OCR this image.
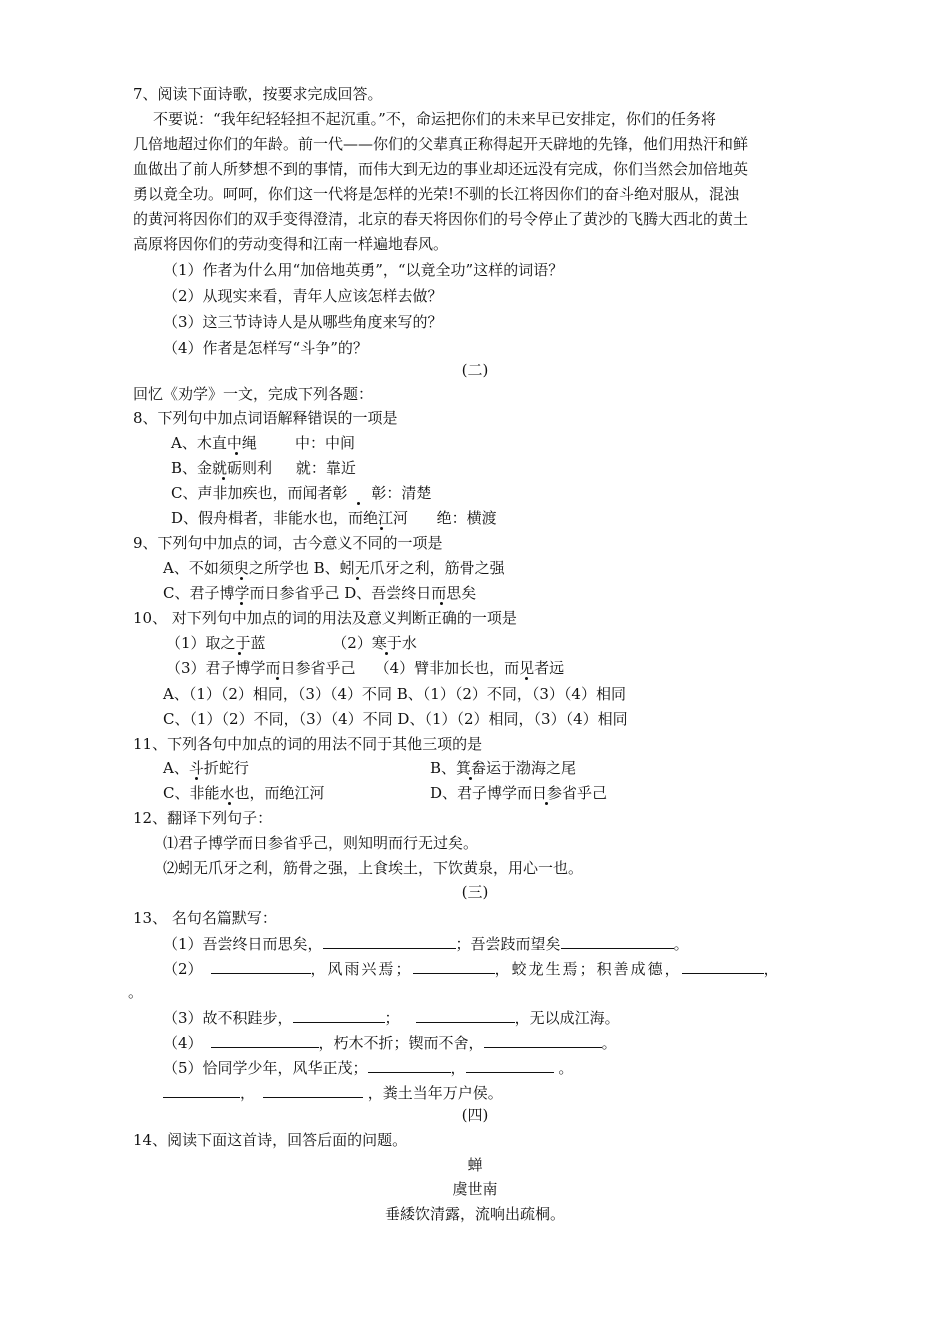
7、阅读下面诗歌，按要求完成回答。
不要说：“我年纪轻轻担不起沉重。”不，命运把你们的未来早已安排定，你们的任务将
几倍地超过你们的年龄。前一代——你们的父辈真正称得起开天辟地的先锋，他们用热汗和鲜
血做出了前人所梦想不到的事情，而伟大到无边的事业却还远没有完成，你们当然会加倍地英
勇以竟全功。呵呵，你们这一代将是怎样的光荣!不驯的长江将因你们的奋斗绝对服从，混浊
的黄河将因你们的双手变得澄清，北京的春天将因你们的号令停止了黄沙的飞腾大西北的黄土
高原将因你们的劳动变得和江南一样遍地春风。
（1）作者为什么用“加倍地英勇”，“以竟全功”这样的词语？
（2）从现实来看，青年人应该怎样去做？
（3）这三节诗诗人是从哪些角度来写的？
（4）作者是怎样写“斗争”的？
(二)
回忆《劝学》一文，完成下列各题：
8、下列句中加点词语解释错误的一项是
A、木直中绳        中：中间
B、金就砺则利     就：靠近
C、声非加疾也，而闻者彰     彰：清楚
D、假舟楫者，非能水也，而绝江河      绝：横渡
9、下列句中加点的词，古今意义不同的一项是
A、不如须臾之所学也 B、蚓无爪牙之利，筋骨之强
C、君子博学而日参省乎己 D、吾尝终日而思矣
10、 对下列句中加点的词的用法及意义判断正确的一项是
（1）取之于蓝              （2）寒于水
（3）君子博学而日参省乎己    （4）臂非加长也，而见者远
A、（1）（2）相同，（3）（4）不同 B、（1）（2）不同，（3）（4）相同
C、（1）（2）不同，（3）（4）不同 D、（1）（2）相同，（3）（4）相同
11、下列各句中加点的词的用法不同于其他三项的是
A、斗折蛇行	B、箕畚运于渤海之尾
C、非能水也，而绝江河	D、君子博学而日参省乎己
12、翻译下列句子：
⑴君子博学而日参省乎己，则知明而行无过矣。
⑵蚓无爪牙之利，筋骨之强，上食埃土，下饮黄泉，用心一也。
(三)
13、 名句名篇默写：
（1）吾尝终日而思矣，	；吾尝跂而望矣	。
（2）	，风雨兴焉；	，蛟龙生焉；积善成德，	，
。
（3）故不积跬步，	；	，无以成江海。
（4）	，朽木不折；锲而不舍，	。
（5）恰同学少年，风华正茂；	，	。
，	，粪土当年万户侯。
(四)
14、阅读下面这首诗，回答后面的问题。
蝉
虞世南
垂緌饮清露，流响出疏桐。
